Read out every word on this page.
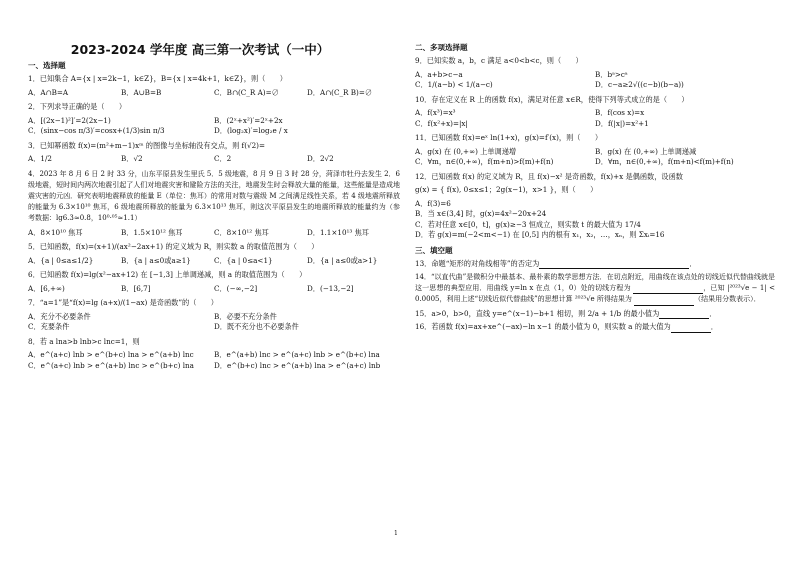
2023-2024 学年度 高三第一次考试（一中）
一、选择题
1．已知集合 A={x | x=2k−1，k∈Z}，B={x | x=4k+1，k∈Z}，则（　　）
A．A∩B=A	B．A∪B=B	C．B∩(C_R A)=∅	D．A∩(C_R B)=∅
2．下列求导正确的是（　　）
A．[(2x−1)²]′=2(2x−1)	B．(2ˣ+x²)′=2ˣ+2x
C．(sinx−cos π/3)′=cosx+(1/3)sin π/3	D．(log₂x)′=log₂e / x
3．已知幂函数 f(x)=(m²+m−1)xᵐ 的图像与坐标轴没有交点，则 f(√2)=
A．1/2	B．√2	C．2	D．2√2
4．2023 年 8 月 6 日 2 时 33 分，山东平原县发生里氏 5．5 级地震，8 月 9 日 3 时 28 分，菏泽市牡丹去发生 2．6 级地震，短时间内两次地震引起了人们对地震灾害和避险方法的关注，地震发生时会释放大量的能量，这些能量是造成地震灾害的元凶．研究表明地震释放的能量 E（单位：焦耳）的常用对数与震级 M 之间满足线性关系，若 4 级地震所释放的能量为 6.3×10¹⁰ 焦耳，6 级地震所释放的能量为 6.3×10¹³ 焦耳，则这次平原县发生的地震所释放的能量约为（参考数据：lg6.3≈0.8，10⁰·⁰⁵≈1.1）
A．8×10¹⁰ 焦耳	B．1.5×10¹² 焦耳	C．8×10¹² 焦耳	D．1.1×10¹³ 焦耳
5．已知函数，f(x)=(x+1)/(ax²−2ax+1) 的定义域为 R，则实数 a 的取值范围为（　　）
A．{a | 0≤a≤1/2}	B．{a | a≤0或a≥1}	C．{a | 0≤a<1}	D．{a | a≤0或a>1}
6．已知函数 f(x)=lg(x²−ax+12) 在 [−1,3] 上单调递减，则 a 的取值范围为（　　）
A．[6,+∞)	B．[6,7]	C．(−∞,−2]	D．(−13,−2]
7．“a=1”是“f(x)=lg (a+x)/(1−ax) 是奇函数”的（　　）
A．充分不必要条件	B．必要不充分条件
C．充要条件	D．既不充分也不必要条件
8．若 a lna>b lnb>c lnc=1，则
A．e^(a+c) lnb > e^(b+c) lna > e^(a+b) lnc	B．e^(a+b) lnc > e^(a+c) lnb > e^(b+c) lna
C．e^(a+c) lnb > e^(a+b) lnc > e^(b+c) lna	D．e^(b+c) lnc > e^(a+b) lna > e^(a+c) lnb
二、多项选择题
9．已知实数 a，b，c 满足 a<0<b<c，则（　　）
A．a+b>c−a	B．bᵃ>cᵃ
C．1/(a−b) < 1/(a−c)	D．c−a≥2√((c−b)(b−a))
10．存在定义在 R 上的函数 f(x)，满足对任意 x∈R，使得下列等式成立的是（　　）
A．f(x³)=x³	B．f(cos x)=x
C．f(x²+x)=|x|	D．f(|x|)=x²+1
11．已知函数 f(x)=eˣ ln(1+x)，g(x)=f′(x)，则（　　）
A．g(x) 在 (0,+∞) 上单调递增	B．g(x) 在 (0,+∞) 上单调递减
C．∀m，n∈(0,+∞)，f(m+n)>f(m)+f(n)	D．∀m，n∈(0,+∞)，f(m+n)<f(m)+f(n)
12．已知函数 f(x) 的定义域为 R，且 f(x)−x² 是奇函数，f(x)+x 是偶函数，设函数
g(x) = { f(x), 0≤x≤1；2g(x−1)，x>1 }，则（　　）
A．f(3)=6
B．当 x∈(3,4] 时，g(x)=4x²−20x+24
C．若对任意 x∈[0，t]，g(x)≥−3 恒成立，则实数 t 的最大值为 17/4
D．若 g(x)=m(−2<m<−1) 在 [0,5] 内的根有 x₁，x₂，…，xₙ，则 Σxᵢ=16
三、填空题
13．命题“矩形的对角线相等”的否定为	．
14．“以直代曲”是微积分中最基本、最朴素的数学思想方法．在切点附近，用曲线在该点处的切线近似代替曲线就是这一思想的典型应用．用曲线 y=ln x 在点（1，0）处的切线方程为	，已知 |²⁰²³√e − 1| < 0.0005，利用上述“切线近似代替曲线”的思想计算 ²⁰²³√e 所得结果为	（结果用分数表示）．
15．a>0，b>0，直线 y=e^(x−1)−b+1 相切，则 2/a + 1/b 的最小值为	．
16．若函数 f(x)=ax+xe^(−ax)−ln x−1 的最小值为 0，则实数 a 的最大值为	．
1
